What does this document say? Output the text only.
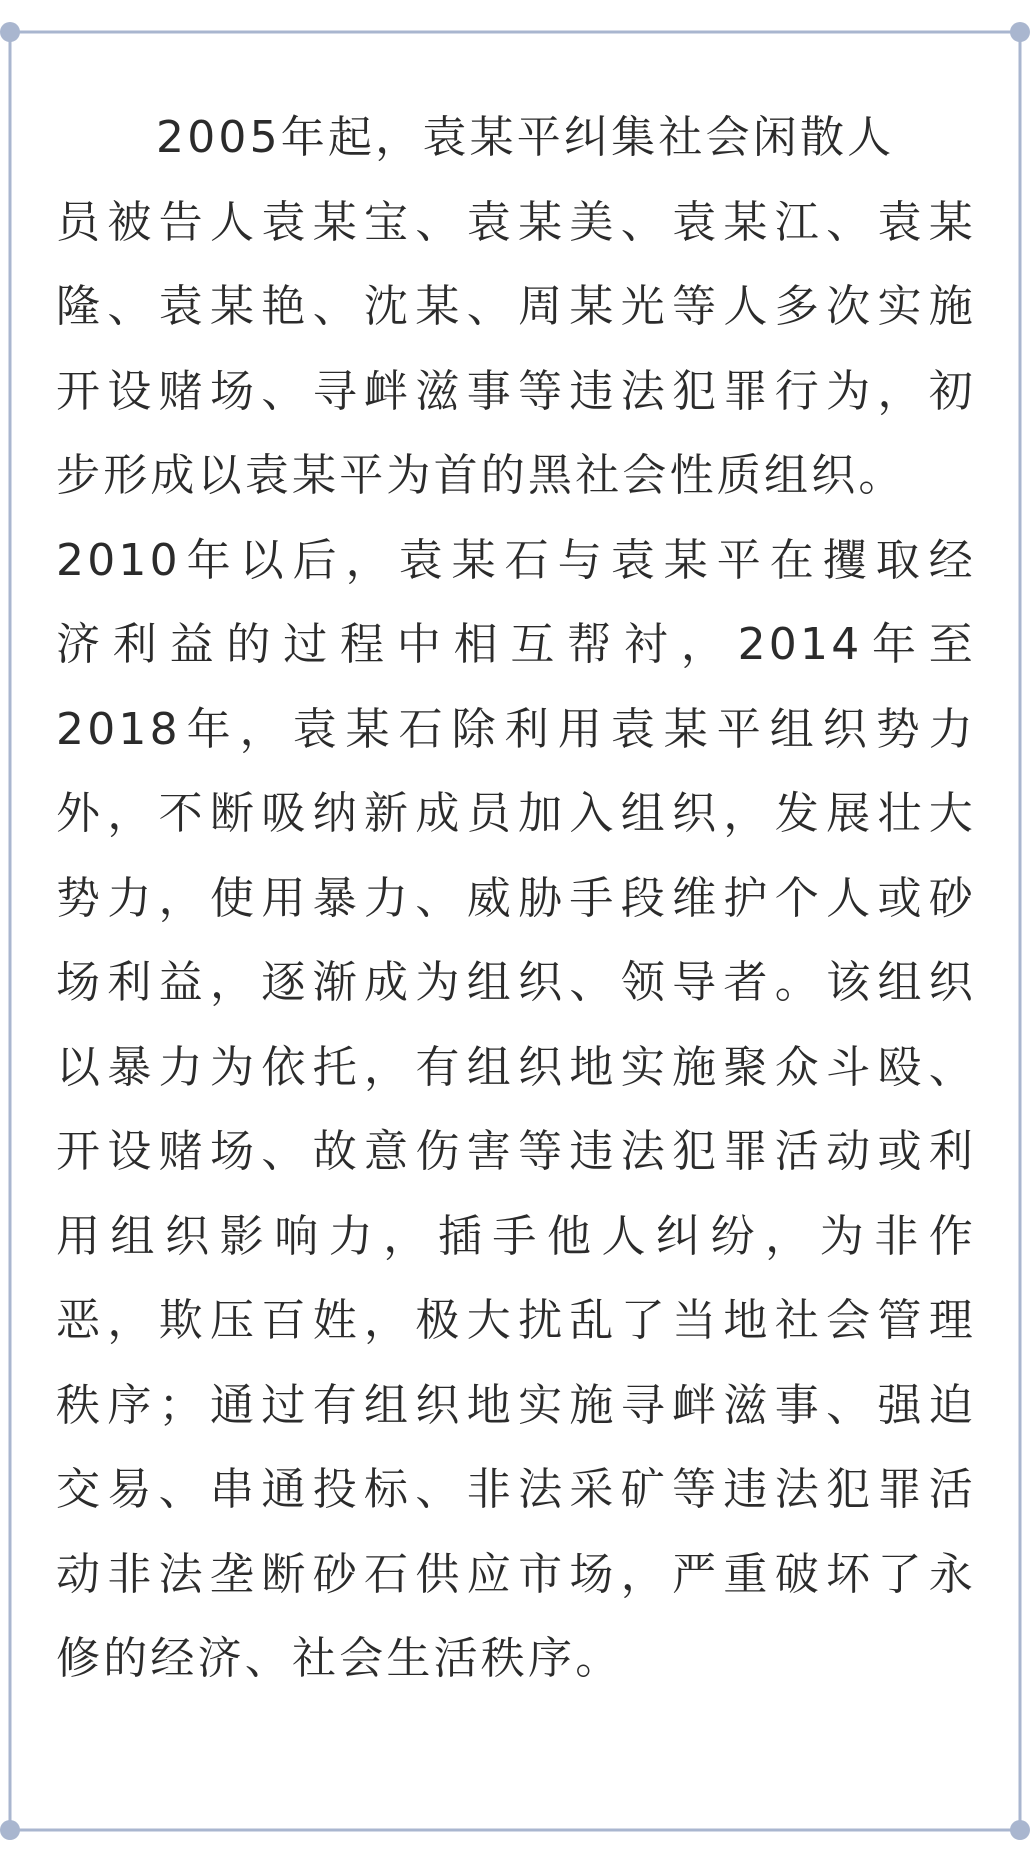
2005年起，袁某平纠集社会闲散人
员被告人袁某宝、袁某美、袁某江、袁某
隆、袁某艳、沈某、周某光等人多次实施
开设赌场、寻衅滋事等违法犯罪行为，初
步形成以袁某平为首的黑社会性质组织。
2010年以后，袁某石与袁某平在攫取经
济利益的过程中相互帮衬，2014年至
2018年，袁某石除利用袁某平组织势力
外，不断吸纳新成员加入组织，发展壮大
势力，使用暴力、威胁手段维护个人或砂
场利益，逐渐成为组织、领导者。该组织
以暴力为依托，有组织地实施聚众斗殴、
开设赌场、故意伤害等违法犯罪活动或利
用组织影响力，插手他人纠纷，为非作
恶，欺压百姓，极大扰乱了当地社会管理
秩序；通过有组织地实施寻衅滋事、强迫
交易、串通投标、非法采矿等违法犯罪活
动非法垄断砂石供应市场，严重破坏了永
修的经济、社会生活秩序。
